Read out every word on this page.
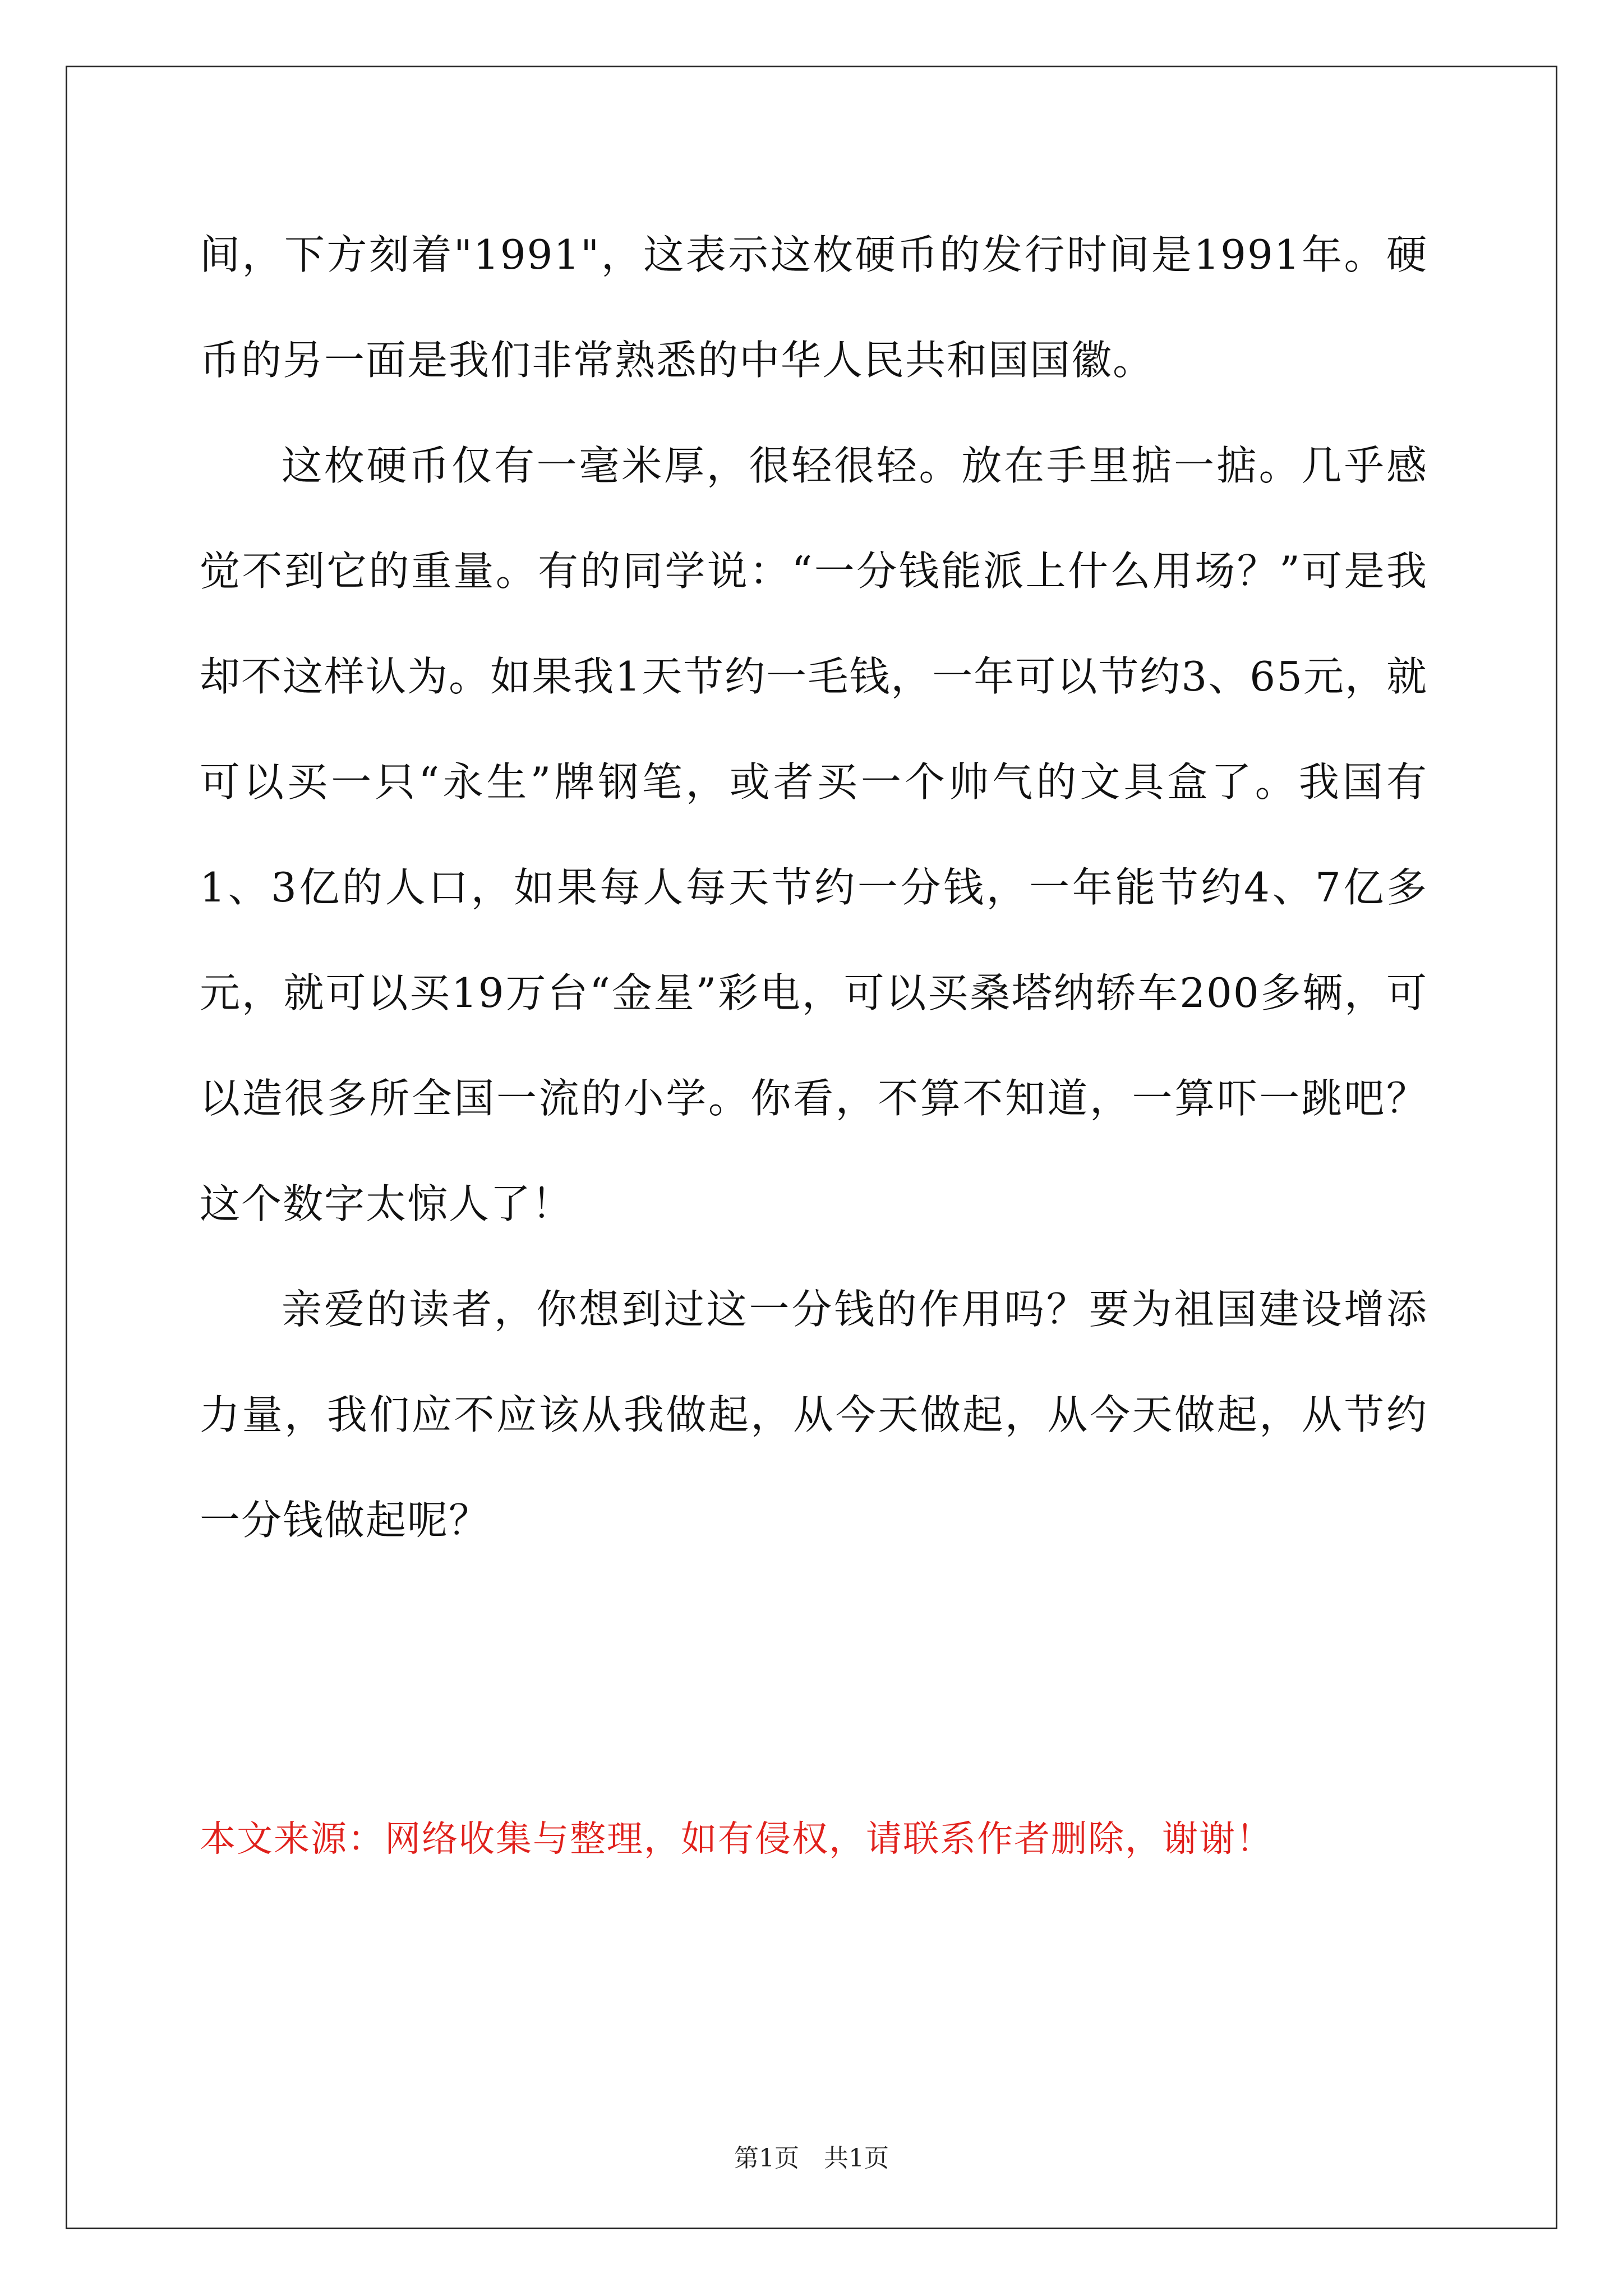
间，下方刻着"1991"，这表示这枚硬币的发行时间是1991年。硬币的另一面是我们非常熟悉的中华人民共和国国徽。

这枚硬币仅有一毫米厚，很轻很轻。放在手里掂一掂。几乎感觉不到它的重量。有的同学说：“一分钱能派上什么用场？”可是我却不这样认为。如果我1天节约一毛钱，一年可以节约3、65元，就可以买一只“永生”牌钢笔，或者买一个帅气的文具盒了。我国有1、3亿的人口，如果每人每天节约一分钱，一年能节约4、7亿多元，就可以买19万台“金星”彩电，可以买桑塔纳轿车200多辆，可以造很多所全国一流的小学。你看，不算不知道，一算吓一跳吧？这个数字太惊人了！

亲爱的读者，你想到过这一分钱的作用吗？要为祖国建设增添力量，我们应不应该从我做起，从今天做起，从今天做起，从节约一分钱做起呢？

本文来源：网络收集与整理，如有侵权，请联系作者删除，谢谢！
第1页　共1页
